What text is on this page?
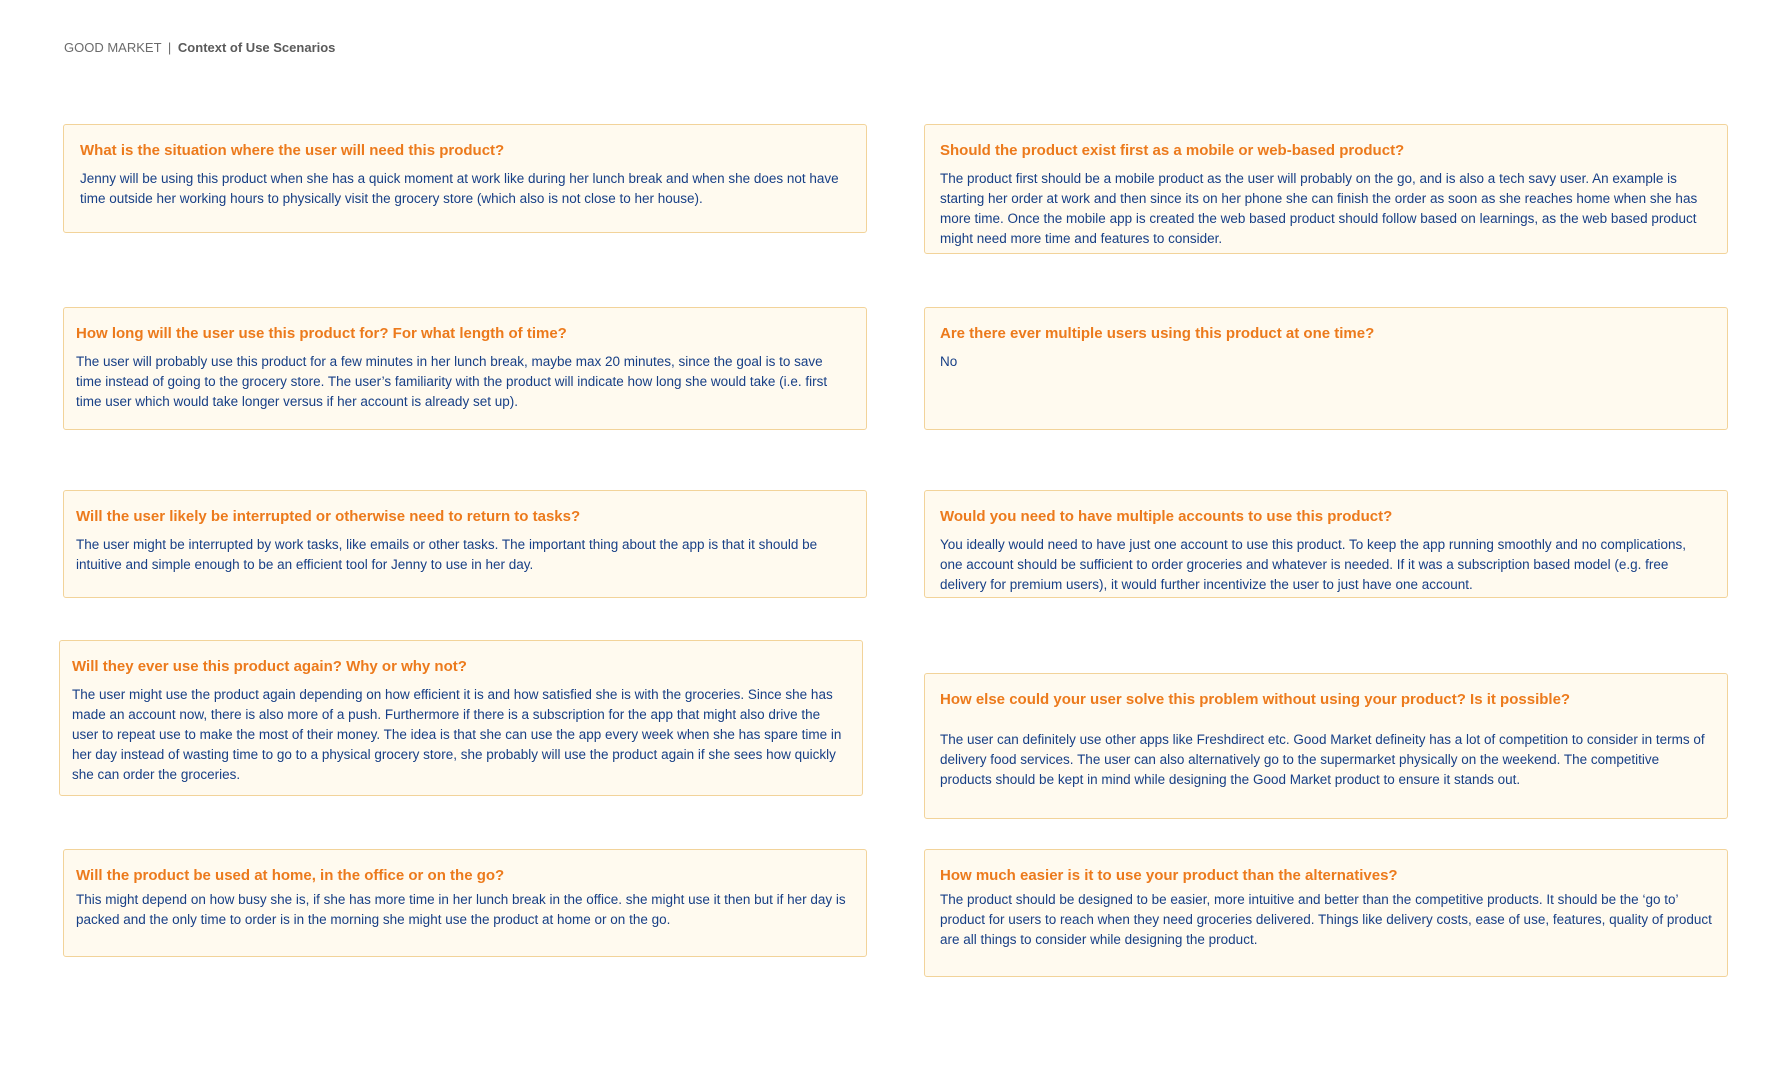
GOOD MARKET | Context of Use Scenarios

What is the situation where the user will need this product?

Jenny will be using this product when she has a quick moment at work like during her lunch break and when she does not have time outside her working hours to physically visit the grocery store (which also is not close to her house).

Should the product exist first as a mobile or web-based product?

The product first should be a mobile product as the user will probably on the go, and is also a tech savy user. An example is starting her order at work and then since its on her phone she can finish the order as soon as she reaches home when she has more time. Once the mobile app is created the web based product should follow based on learnings, as the web based product might need more time and features to consider.

How long will the user use this product for? For what length of time?

The user will probably use this product for a few minutes in her lunch break, maybe max 20 minutes, since the goal is to save time instead of going to the grocery store. The user’s familiarity with the product will indicate how long she would take (i.e. first time user which would take longer versus if her account is already set up).

Are there ever multiple users using this product at one time?

No

Will the user likely be interrupted or otherwise need to return to tasks?

The user might be interrupted by work tasks, like emails or other tasks. The important thing about the app is that it should be intuitive and simple enough to be an efficient tool for Jenny to use in her day.

Would you need to have multiple accounts to use this product?

You ideally would need to have just one account to use this product. To keep the app running smoothly and no complications, one account should be sufficient to order groceries and whatever is needed. If it was a subscription based model (e.g. free delivery for premium users), it would further incentivize the user to just have one account.

Will they ever use this product again? Why or why not?

The user might use the product again depending on how efficient it is and how satisfied she is with the groceries. Since she has made an account now, there is also more of a push. Furthermore if there is a subscription for the app that might also drive the user to repeat use to make the most of their money. The idea is that she can use the app every week when she has spare time in her day instead of wasting time to go to a physical grocery store, she probably will use the product again if she sees how quickly she can order the groceries.

How else could your user solve this problem without using your product? Is it possible?

The user can definitely use other apps like Freshdirect etc. Good Market defineity has a lot of competition to consider in terms of delivery food services. The user can also alternatively go to the supermarket physically on the weekend. The competitive products should be kept in mind while designing the Good Market product to ensure it stands out.

Will the product be used at home, in the office or on the go?

This might depend on how busy she is, if she has more time in her lunch break in the office. she might use it then but if her day is packed and the only time to order is in the morning she might use the product at home or on the go.

How much easier is it to use your product than the alternatives?

The product should be designed to be easier, more intuitive and better than the competitive products. It should be the ‘go to’ product for users to reach when they need groceries delivered. Things like delivery costs, ease of use, features, quality of product are all things to consider while designing the product.
